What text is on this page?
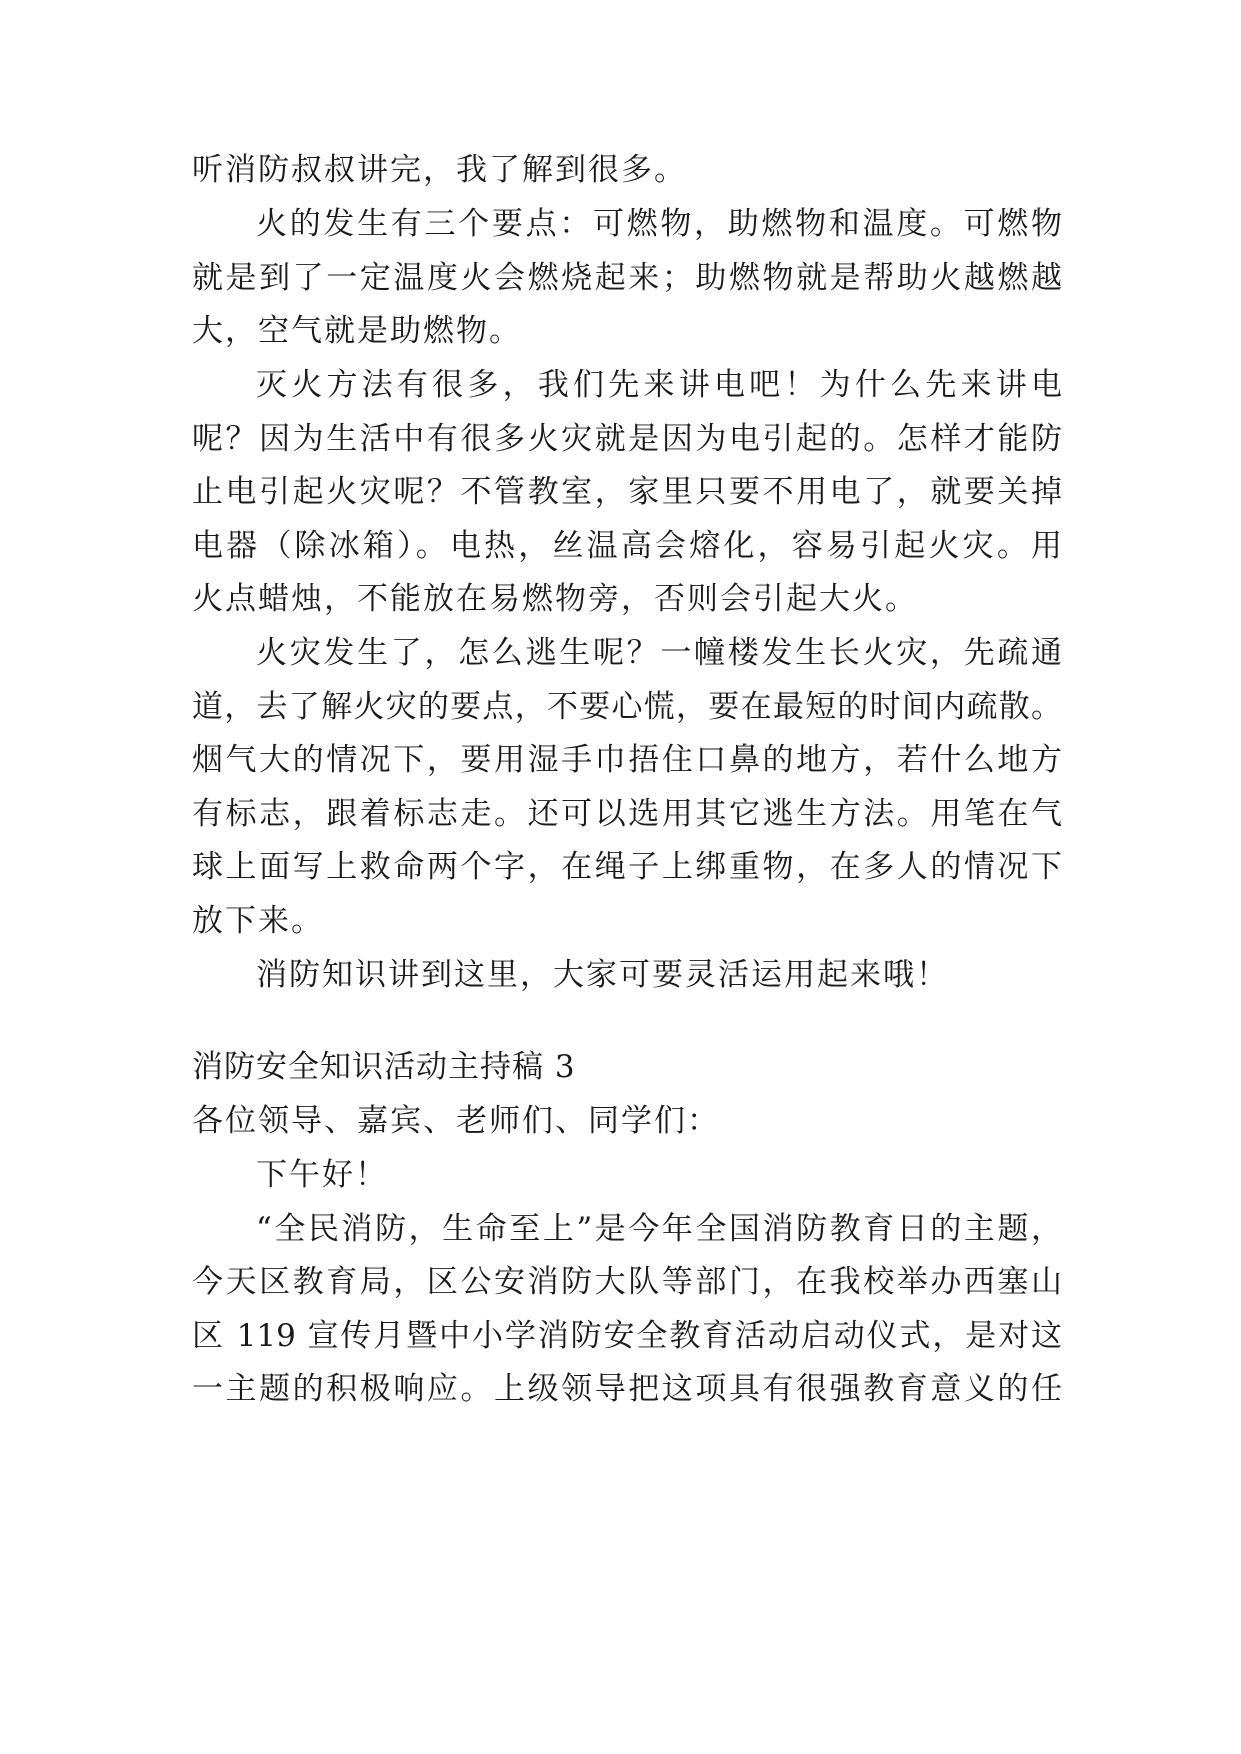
听消防叔叔讲完，我了解到很多。
火的发生有三个要点：可燃物，助燃物和温度。可燃物
就是到了一定温度火会燃烧起来；助燃物就是帮助火越燃越
大，空气就是助燃物。
灭火方法有很多，我们先来讲电吧！为什么先来讲电
呢？因为生活中有很多火灾就是因为电引起的。怎样才能防
止电引起火灾呢？不管教室，家里只要不用电了，就要关掉
电器（除冰箱）。电热，丝温高会熔化，容易引起火灾。用
火点蜡烛，不能放在易燃物旁，否则会引起大火。
火灾发生了，怎么逃生呢？一幢楼发生长火灾，先疏通
道，去了解火灾的要点，不要心慌，要在最短的时间内疏散。
烟气大的情况下，要用湿手巾捂住口鼻的地方，若什么地方
有标志，跟着标志走。还可以选用其它逃生方法。用笔在气
球上面写上救命两个字，在绳子上绑重物，在多人的情况下
放下来。
消防知识讲到这里，大家可要灵活运用起来哦！
消防安全知识活动主持稿 3
各位领导、嘉宾、老师们、同学们：
下午好！
“全民消防，生命至上”是今年全国消防教育日的主题，
今天区教育局，区公安消防大队等部门，在我校举办西塞山
区 119 宣传月暨中小学消防安全教育活动启动仪式，是对这
一主题的积极响应。上级领导把这项具有很强教育意义的任
